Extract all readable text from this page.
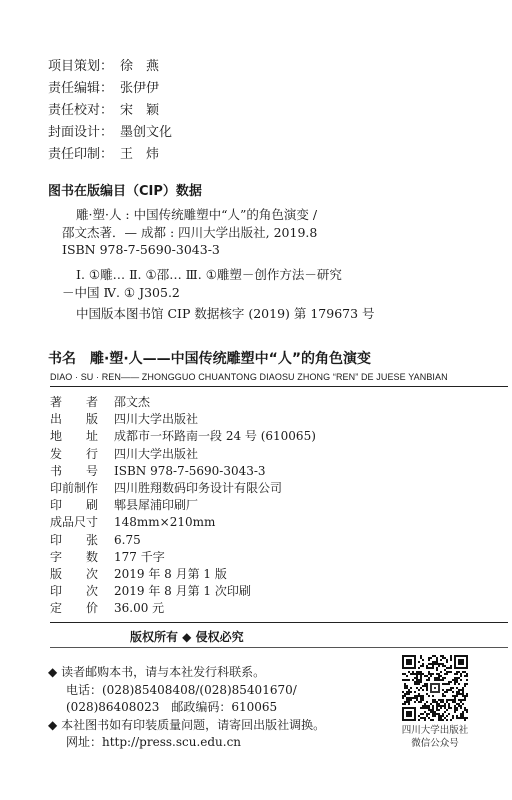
项目策划： 徐　燕
责任编辑： 张伊伊
责任校对： 宋　颖
封面设计： 墨创文化
责任印制： 王　炜
图书在版编目（CIP）数据
雕·塑·人 : 中国传统雕塑中“人”的角色演变 /
邵文杰著．— 成都 : 四川大学出版社, 2019.8
ISBN 978-7-5690-3043-3
Ⅰ. ①雕… Ⅱ. ①邵… Ⅲ. ①雕塑－创作方法－研究
－中国 Ⅳ. ① J305.2
中国版本图书馆 CIP 数据核字 (2019) 第 179673 号
书名　雕·塑·人——中国传统雕塑中“人”的角色演变
DIAO · SU · REN—— ZHONGGUO CHUANTONG DIAOSU ZHONG “REN” DE JUESE YANBIAN
著　　者 邵文杰
出　　版 四川大学出版社
地　　址 成都市一环路南一段 24 号 (610065)
发　　行 四川大学出版社
书　　号 ISBN 978-7-5690-3043-3
印前制作 四川胜翔数码印务设计有限公司
印　　刷 郫县犀浦印刷厂
成品尺寸 148mm×210mm
印　　张 6.75
字　　数 177 千字
版　　次 2019 年 8 月第 1 版
印　　次 2019 年 8 月第 1 次印刷
定　　价 36.00 元
版权所有 ◆ 侵权必究
◆ 读者邮购本书，请与本社发行科联系。
电话：(028)85408408/(028)85401670/
(028)86408023　邮政编码：610065
◆ 本社图书如有印装质量问题，请寄回出版社调换。
网址：http://press.scu.edu.cn
四川大学出版社
微信公众号
